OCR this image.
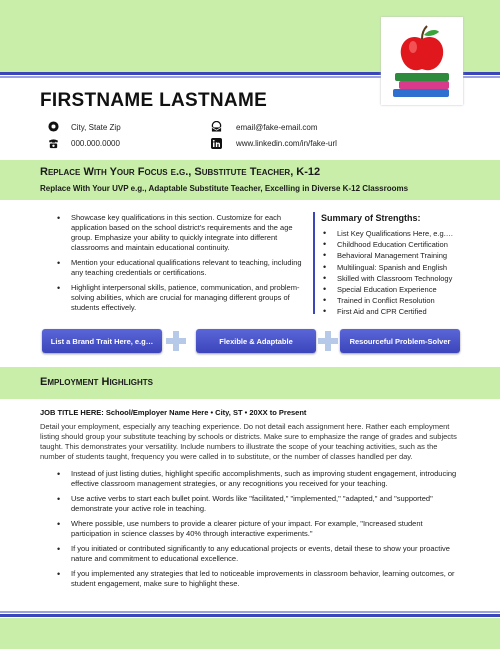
FIRSTNAME LASTNAME
City, State Zip
000.000.0000
email@fake-email.com
www.linkedin.com/in/fake-url
Replace With Your Focus e.g., Substitute Teacher, K-12
Replace With Your UVP e.g., Adaptable Substitute Teacher, Excelling in Diverse K-12 Classrooms
• Showcase key qualifications in this section. Customize for each application based on the school district's requirements and the age group. Emphasize your ability to quickly integrate into different classrooms and maintain educational continuity.
• Mention your educational qualifications relevant to teaching, including any teaching credentials or certifications.
• Highlight interpersonal skills, patience, communication, and problem-solving abilities, which are crucial for managing different groups of students effectively.
Summary of Strengths:
• List Key Qualifications Here, e.g.…
• Childhood Education Certification
• Behavioral Management Training
• Multilingual: Spanish and English
• Skilled with Classroom Technology
• Special Education Experience
• Trained in Conflict Resolution
• First Aid and CPR Certified
List a Brand Trait Here, e.g…	Flexible & Adaptable	Resourceful Problem-Solver
Employment Highlights
JOB TITLE HERE: School/Employer Name Here • City, ST • 20XX to Present

Detail your employment, especially any teaching experience. Do not detail each assignment here. Rather each employment listing should group your substitute teaching by schools or districts. Make sure to emphasize the range of grades and subjects taught. This demonstrates your versatility. Include numbers to illustrate the scope of your teaching activities, such as the number of students taught, frequency you were called in to substitute, or the number of classes handled per day.

• Instead of just listing duties, highlight specific accomplishments, such as improving student engagement, introducing effective classroom management strategies, or any recognitions you received for your teaching.
• Use active verbs to start each bullet point. Words like "facilitated," "implemented," "adapted," and "supported" demonstrate your active role in teaching.
• Where possible, use numbers to provide a clearer picture of your impact. For example, "Increased student participation in science classes by 40% through interactive experiments."
• If you initiated or contributed significantly to any educational projects or events, detail these to show your proactive nature and commitment to educational excellence.
• If you implemented any strategies that led to noticeable improvements in classroom behavior, learning outcomes, or student engagement, make sure to highlight these.
